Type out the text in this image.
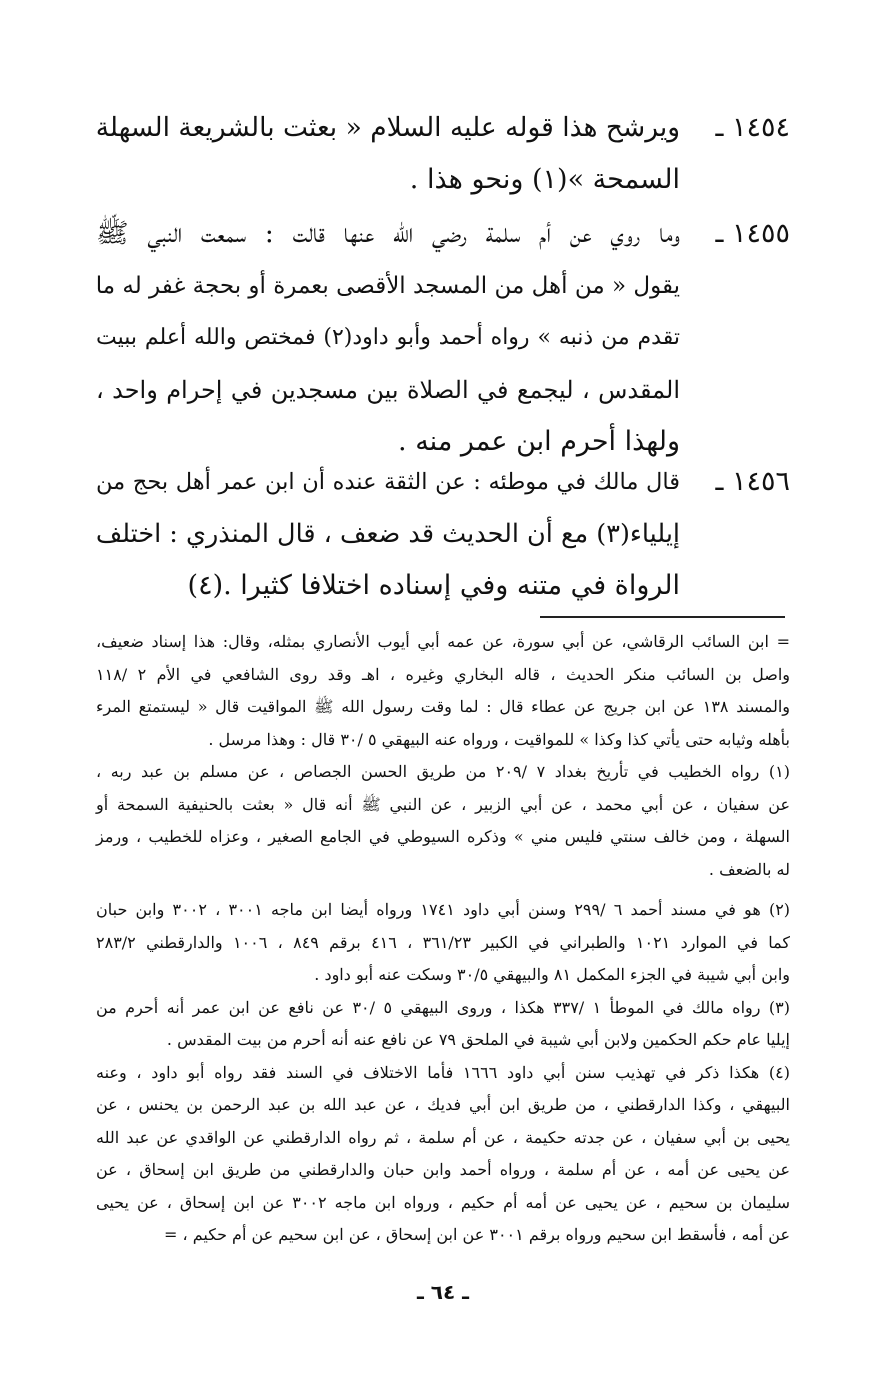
١٤٥٤ ـ
ويرشح هذا قوله عليه السلام « بعثت بالشريعة السهلة
السمحة »(١) ونحو هذا .
١٤٥٥ ـ
وما روي عن أم سلمة رضي الله عنها قالت : سمعت النبي ﷺ
يقول « من أهل من المسجد الأقصى بعمرة أو بحجة غفر له ما
تقدم من ذنبه » رواه أحمد وأبو داود(٢) فمختص والله أعلم ببيت
المقدس ، ليجمع في الصلاة بين مسجدين في إحرام واحد ،
ولهذا أحرم ابن عمر منه .
١٤٥٦ ـ
قال مالك في موطئه : عن الثقة عنده أن ابن عمر أهل بحج من
إيلياء(٣) مع أن الحديث قد ضعف ، قال المنذري : اختلف
الرواة في متنه وفي إسناده اختلافا كثيرا .(٤)
= ابن السائب الرقاشي، عن أبي سورة، عن عمه أبي أيوب الأنصاري بمثله، وقال: هذا إسناد ضعيف،
واصل بن السائب منكر الحديث ، قاله البخاري وغيره ، اهـ وقد روى الشافعي في الأم ٢ /١١٨
والمسند ١٣٨ عن ابن جريج عن عطاء قال : لما وقت رسول الله ﷺ المواقيت قال « ليستمتع المرء
بأهله وثيابه حتى يأتي كذا وكذا » للمواقيت ، ورواه عنه البيهقي ٥ /٣٠ قال : وهذا مرسل .
(١) رواه الخطيب في تأريخ بغداد ٧ /٢٠٩ من طريق الحسن الجصاص ، عن مسلم بن عبد ربه ،
عن سفيان ، عن أبي محمد ، عن أبي الزبير ، عن النبي ﷺ أنه قال « بعثت بالحنيفية السمحة أو
السهلة ، ومن خالف سنتي فليس مني » وذكره السيوطي في الجامع الصغير ، وعزاه للخطيب ، ورمز
له بالضعف .
(٢) هو في مسند أحمد ٦ /٢٩٩ وسنن أبي داود ١٧٤١ ورواه أيضا ابن ماجه ٣٠٠١ ، ٣٠٠٢ وابن حبان
كما في الموارد ١٠٢١ والطبراني في الكبير ٣٦١/٢٣ ، ٤١٦ برقم ٨٤٩ ، ١٠٠٦ والدارقطني ٢٨٣/٢
وابن أبي شيبة في الجزء المكمل ٨١ والبيهقي ٣٠/٥ وسكت عنه أبو داود .
(٣) رواه مالك في الموطأ ١ /٣٣٧ هكذا ، وروى البيهقي ٥ /٣٠ عن نافع عن ابن عمر أنه أحرم من
إيليا عام حكم الحكمين ولابن أبي شيبة في الملحق ٧٩ عن نافع عنه أنه أحرم من بيت المقدس .
(٤) هكذا ذكر في تهذيب سنن أبي داود ١٦٦٦ فأما الاختلاف في السند فقد رواه أبو داود ، وعنه
البيهقي ، وكذا الدارقطني ، من طريق ابن أبي فديك ، عن عبد الله بن عبد الرحمن بن يحنس ، عن
يحيى بن أبي سفيان ، عن جدته حكيمة ، عن أم سلمة ، ثم رواه الدارقطني عن الواقدي عن عبد الله
عن يحيى عن أمه ، عن أم سلمة ، ورواه أحمد وابن حبان والدارقطني من طريق ابن إسحاق ، عن
سليمان بن سحيم ، عن يحيى عن أمه أم حكيم ، ورواه ابن ماجه ٣٠٠٢ عن ابن إسحاق ، عن يحيى
عن أمه ، فأسقط ابن سحيم ورواه برقم ٣٠٠١ عن ابن إسحاق ، عن ابن سحيم عن أم حكيم ، =
ـ ٦٤ ـ
